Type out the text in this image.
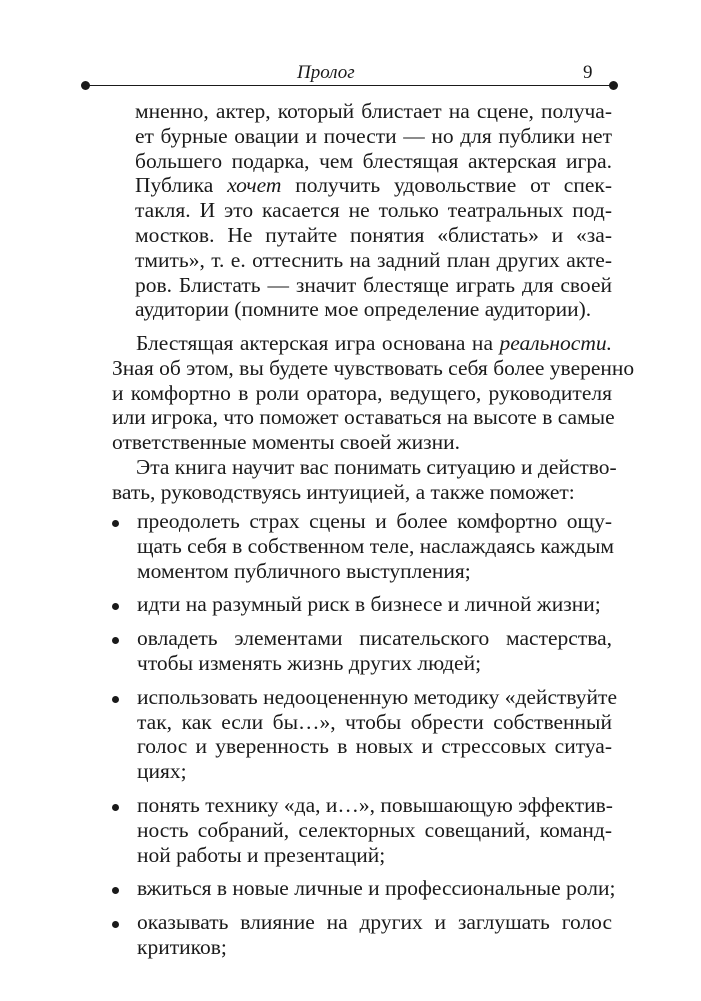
Пролог	9
мненно, актер, который блистает на сцене, получа-
ет бурные овации и почести — но для публики нет
большего подарка, чем блестящая актерская игра.
Публика хочет получить удовольствие от спек-
такля. И это касается не только театральных под-
мостков. Не путайте понятия «блистать» и «за-
тмить», т. е. оттеснить на задний план других акте-
ров. Блистать — значит блестяще играть для своей
аудитории (помните мое определение аудитории).
Блестящая актерская игра основана на реальности.
Зная об этом, вы будете чувствовать себя более уверенно
и комфортно в роли оратора, ведущего, руководителя
или игрока, что поможет оставаться на высоте в самые
ответственные моменты своей жизни.
Эта книга научит вас понимать ситуацию и действо-
вать, руководствуясь интуицией, а также поможет:
преодолеть страх сцены и более комфортно ощу-
щать себя в собственном теле, наслаждаясь каждым
моментом публичного выступления;
идти на разумный риск в бизнесе и личной жизни;
овладеть элементами писательского мастерства,
чтобы изменять жизнь других людей;
использовать недооцененную методику «действуйте
так, как если бы…», чтобы обрести собственный
голос и уверенность в новых и стрессовых ситуа-
циях;
понять технику «да, и…», повышающую эффектив-
ность собраний, селекторных совещаний, команд-
ной работы и презентаций;
вжиться в новые личные и профессиональные роли;
оказывать влияние на других и заглушать голос
критиков;
